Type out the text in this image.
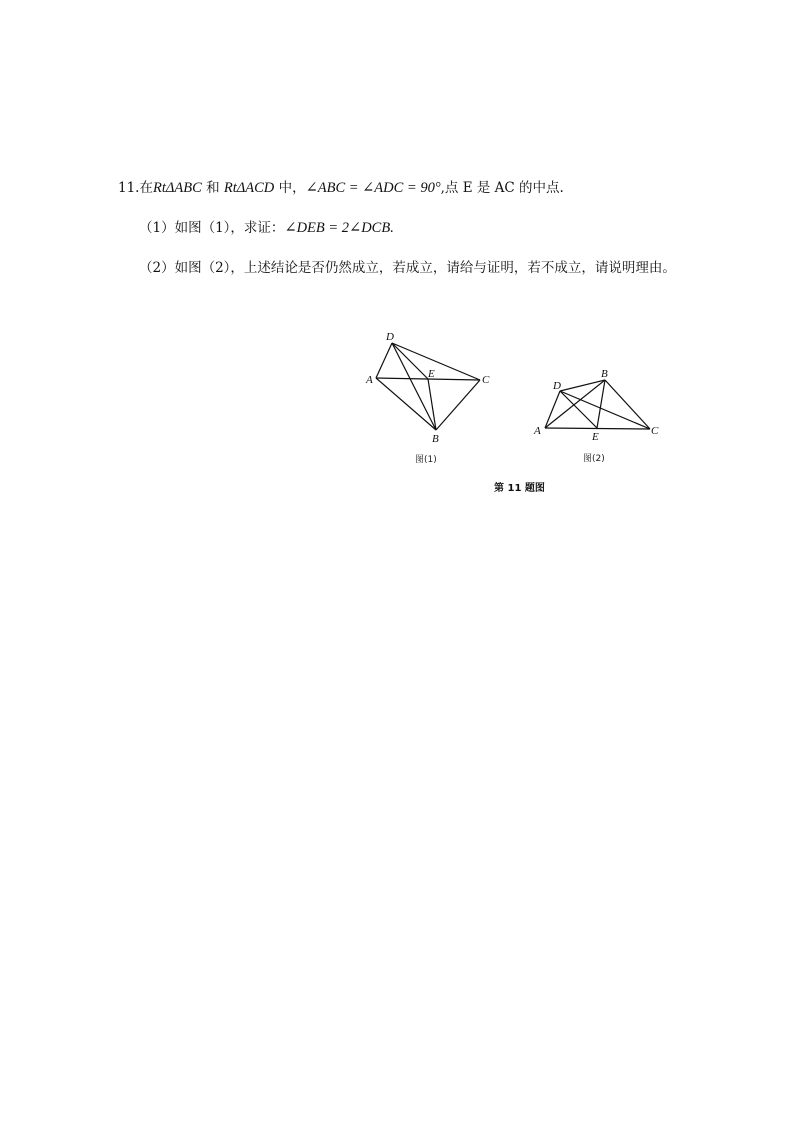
11.在RtΔABC 和 RtΔACD 中，∠ABC = ∠ADC = 90°,点 E 是 AC 的中点.
（1）如图（1），求证：∠DEB = 2∠DCB.
（2）如图（2），上述结论是否仍然成立，若成立，请给与证明，若不成立，请说明理由。
D
A	E	C
B
图(1)
D
B
A	E	C
图(2)
第 11 题图
